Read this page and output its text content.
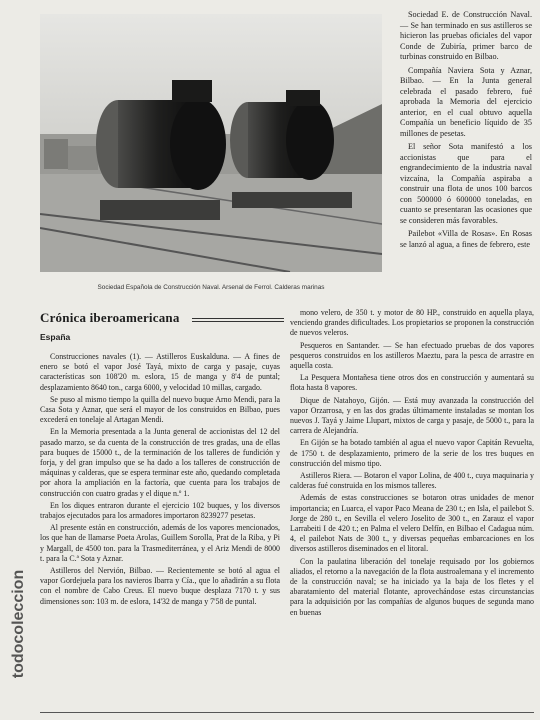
Sociedad Española de Construcción Naval. Arsenal de Ferrol. Calderas marinas

Sociedad E. de Construcción Naval. — Se han terminado en sus astilleros se hicieron las pruebas oficiales del vapor Conde de Zubiría, primer barco de turbinas construido en Bilbao.

Compañía Naviera Sota y Aznar, Bilbao. — En la Junta general celebrada el pasado febrero, fué aprobada la Memoria del ejercicio anterior, en el cual obtuvo aquella Compañía un beneficio líquido de 35 millones de pesetas.

El señor Sota manifestó a los accionistas que para el engrandecimiento de la industria naval vizcaína, la Compañía aspiraba a construir una flota de unos 100 barcos con 500000 ó 600000 toneladas, en cuanto se presentaran las ocasiones que se consideren más favorables.

Pailebot «Villa de Rosas». En Rosas se lanzó al agua, a fines de febrero, este

Crónica iberoamericana
España

Construcciones navales (1). — Astilleros Euskalduna. — A fines de enero se botó el vapor José Tayá, mixto de carga y pasaje, cuyas características son 108'20 m. eslora, 15 de manga y 8'4 de puntal; desplazamiento 8640 ton., carga 6000, y velocidad 10 millas, cargado.

Se puso al mismo tiempo la quilla del nuevo buque Arno Mendi, para la Casa Sota y Aznar, que será el mayor de los construidos en Bilbao, pues excederá en tonelaje al Artagan Mendi.

En la Memoria presentada a la Junta general de accionistas del 12 del pasado marzo, se da cuenta de la construcción de tres gradas, una de ellas para buques de 15000 t., de la terminación de los talleres de fundición y forja, y del gran impulso que se ha dado a los talleres de construcción de máquinas y calderas, que se espera terminar este año, quedando completada por ahora la ampliación en la factoría, que cuenta para los trabajos de construcción con cuatro gradas y el dique n.º 1.

En los diques entraron durante el ejercicio 102 buques, y los diversos trabajos ejecutados para los armadores importaron 8239277 pesetas.

Al presente están en construcción, además de los vapores mencionados, los que han de llamarse Poeta Arolas, Guillem Sorolla, Prat de la Riba, y Pi y Margall, de 4500 ton. para la Trasmediterránea, y el Ariz Mendi de 8000 t. para la C.ª Sota y Aznar.

Astilleros del Nervión, Bilbao. — Recientemente se botó al agua el vapor Gordejuela para los navieros Ibarra y Cía., que lo añadirán a su flota con el nombre de Cabo Creus. El nuevo buque desplaza 7170 t. y sus dimensiones son: 103 m. de eslora, 14'32 de manga y 7'58 de puntal.

mono velero, de 350 t. y motor de 80 HP., construido en aquella playa, venciendo grandes dificultades. Los propietarios se proponen la construcción de nuevos veleros.

Pesqueros en Santander. — Se han efectuado pruebas de dos vapores pesqueros construidos en los astilleros Maeztu, para la pesca de arrastre en aquella costa.

La Pesquera Montañesa tiene otros dos en construcción y aumentará su flota hasta 8 vapores.

Dique de Natahoyo, Gijón. — Está muy avanzada la construcción del vapor Orzarrosa, y en las dos gradas últimamente instaladas se montan los nuevos J. Tayá y Jaime Llupart, mixtos de carga y pasaje, de 5000 t., para la carrera de Alejandría.

En Gijón se ha botado también al agua el nuevo vapor Capitán Revuelta, de 1750 t. de desplazamiento, primero de la serie de los tres buques en construcción del mismo tipo.

Astilleros Riera. — Botaron el vapor Lolina, de 400 t., cuya maquinaria y calderas fué construida en los mismos talleres.

Además de estas construcciones se botaron otras unidades de menor importancia; en Luarca, el vapor Paco Meana de 230 t.; en Isla, el pailebot S. Jorge de 280 t., en Sevilla el velero Joselito de 300 t., en Zarauz el vapor Larrabeiti I de 420 t.; en Palma el velero Delfín, en Bilbao el Cadagua núm. 4, el pailebot Nats de 300 t., y diversas pequeñas embarcaciones en los diversos astilleros diseminados en el litoral.

Con la paulatina liberación del tonelaje requisado por los gobiernos aliados, el retorno a la navegación de la flota austroalemana y el incremento de la construcción naval; se ha iniciado ya la baja de los fletes y el abaratamiento del material flotante, aprovechándose estas circunstancias para la adquisición por las compañías de algunos buques de segunda mano en buenas

todocoleccion
